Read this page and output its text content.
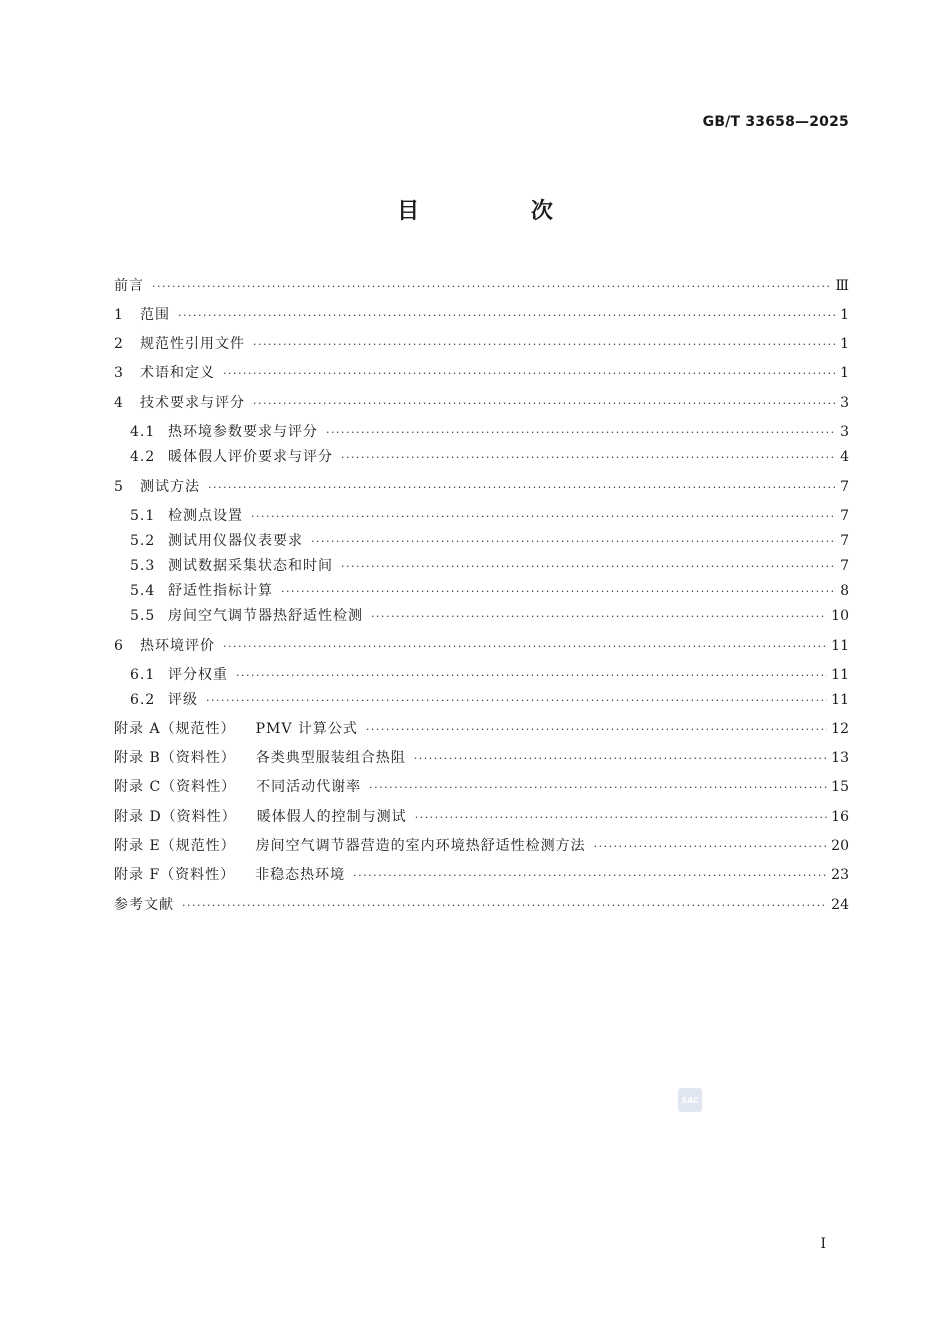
GB/T 33658—2025
目 次
前言 ·····	Ⅲ
1 范围 ·····	1
2 规范性引用文件 ·····	1
3 术语和定义 ·····	1
4 技术要求与评分 ·····	3
4.1 热环境参数要求与评分 ·····	3
4.2 暖体假人评价要求与评分 ·····	4
5 测试方法 ·····	7
5.1 检测点设置 ·····	7
5.2 测试用仪器仪表要求 ·····	7
5.3 测试数据采集状态和时间 ·····	7
5.4 舒适性指标计算 ·····	8
5.5 房间空气调节器热舒适性检测 ·····	10
6 热环境评价 ·····	11
6.1 评分权重 ·····	11
6.2 评级 ·····	11
附录 A（规范性） PMV 计算公式 ·····	12
附录 B（资料性） 各类典型服装组合热阻 ·····	13
附录 C（资料性） 不同活动代谢率 ·····	15
附录 D（资料性） 暖体假人的控制与测试 ·····	16
附录 E（规范性） 房间空气调节器营造的室内环境热舒适性检测方法 ·····	20
附录 F（资料性） 非稳态热环境 ·····	23
参考文献 ·····	24
SAC
Ⅰ
